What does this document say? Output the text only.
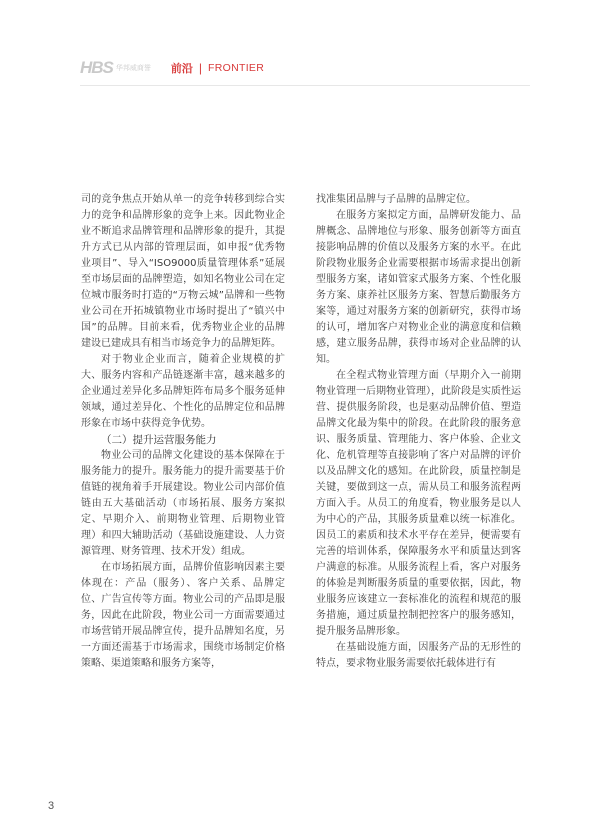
HBS 华邦威商誉 前沿 | FRONTIER

司的竞争焦点开始从单一的竞争转移到综合实力的竞争和品牌形象的竞争上来。因此物业企业不断追求品牌管理和品牌形象的提升，其提升方式已从内部的管理层面，如申报“优秀物业项目”、导入“ISO9000质量管理体系”延展至市场层面的品牌塑造，如知名物业公司在定位城市服务时打造的“万物云城”品牌和一些物业公司在开拓城镇物业市场时提出了“镇兴中国”的品牌。目前来看，优秀物业企业的品牌建设已建成具有相当市场竞争力的品牌矩阵。

对于物业企业而言，随着企业规模的扩大、服务内容和产品链逐渐丰富，越来越多的企业通过差异化多品牌矩阵布局多个服务延伸领域，通过差异化、个性化的品牌定位和品牌形象在市场中获得竞争优势。

（二）提升运营服务能力

物业公司的品牌文化建设的基本保障在于服务能力的提升。服务能力的提升需要基于价值链的视角着手开展建设。物业公司内部价值链由五大基础活动（市场拓展、服务方案拟定、早期介入、前期物业管理、后期物业管理）和四大辅助活动（基础设施建设、人力资源管理、财务管理、技术开发）组成。

在市场拓展方面，品牌价值影响因素主要体现在：产品（服务）、客户关系、品牌定位、广告宣传等方面。物业公司的产品即是服务，因此在此阶段，物业公司一方面需要通过市场营销开展品牌宣传，提升品牌知名度，另一方面还需基于市场需求，围绕市场制定价格策略、渠道策略和服务方案等，

找准集团品牌与子品牌的品牌定位。

在服务方案拟定方面，品牌研发能力、品牌概念、品牌地位与形象、服务创新等方面直接影响品牌的价值以及服务方案的水平。在此阶段物业服务企业需要根据市场需求提出创新型服务方案，诸如管家式服务方案、个性化服务方案、康养社区服务方案、智慧后勤服务方案等，通过对服务方案的创新研究，获得市场的认可，增加客户对物业企业的满意度和信赖感，建立服务品牌，获得市场对企业品牌的认知。

在全程式物业管理方面（早期介入一前期物业管理一后期物业管理），此阶段是实质性运营、提供服务阶段，也是驱动品牌价值、塑造品牌文化最为集中的阶段。在此阶段的服务意识、服务质量、管理能力、客户体验、企业文化、危机管理等直接影响了客户对品牌的评价以及品牌文化的感知。在此阶段，质量控制是关键，要做到这一点，需从员工和服务流程两方面入手。从员工的角度看，物业服务是以人为中心的产品，其服务质量难以统一标准化。因员工的素质和技术水平存在差异，便需要有完善的培训体系，保障服务水平和质量达到客户满意的标准。从服务流程上看，客户对服务的体验是判断服务质量的重要依据，因此，物业服务应该建立一套标准化的流程和规范的服务措施，通过质量控制把控客户的服务感知，提升服务品牌形象。

在基础设施方面，因服务产品的无形性的特点，要求物业服务需要依托载体进行有

3
